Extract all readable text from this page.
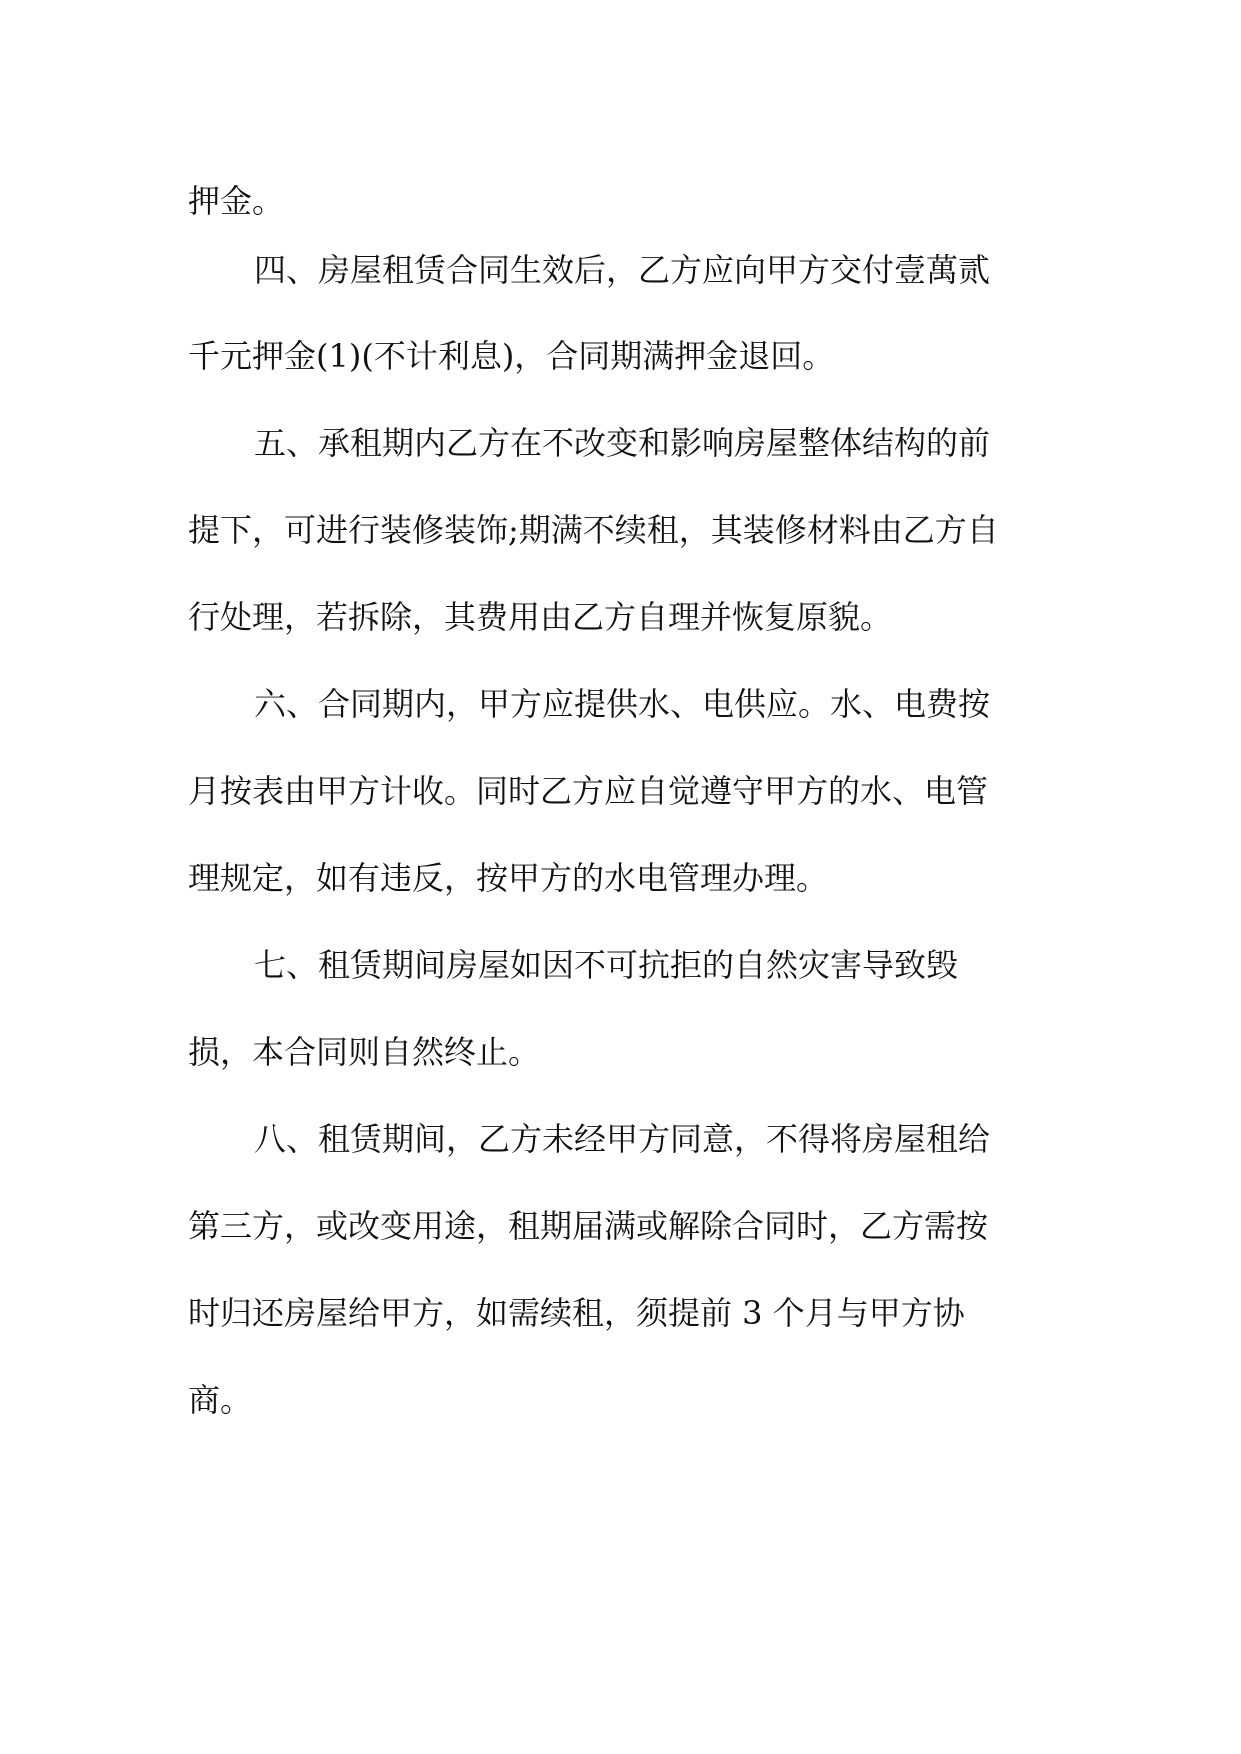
押金。

四、房屋租赁合同生效后，乙方应向甲方交付壹萬贰

千元押金(1)(不计利息)，合同期满押金退回。

五、承租期内乙方在不改变和影响房屋整体结构的前

提下，可进行装修装饰;期满不续租，其装修材料由乙方自

行处理，若拆除，其费用由乙方自理并恢复原貌。

六、合同期内，甲方应提供水、电供应。水、电费按

月按表由甲方计收。同时乙方应自觉遵守甲方的水、电管

理规定，如有违反，按甲方的水电管理办理。

七、租赁期间房屋如因不可抗拒的自然灾害导致毁

损，本合同则自然终止。

八、租赁期间，乙方未经甲方同意，不得将房屋租给

第三方，或改变用途，租期届满或解除合同时，乙方需按

时归还房屋给甲方，如需续租，须提前 3 个月与甲方协

商。
